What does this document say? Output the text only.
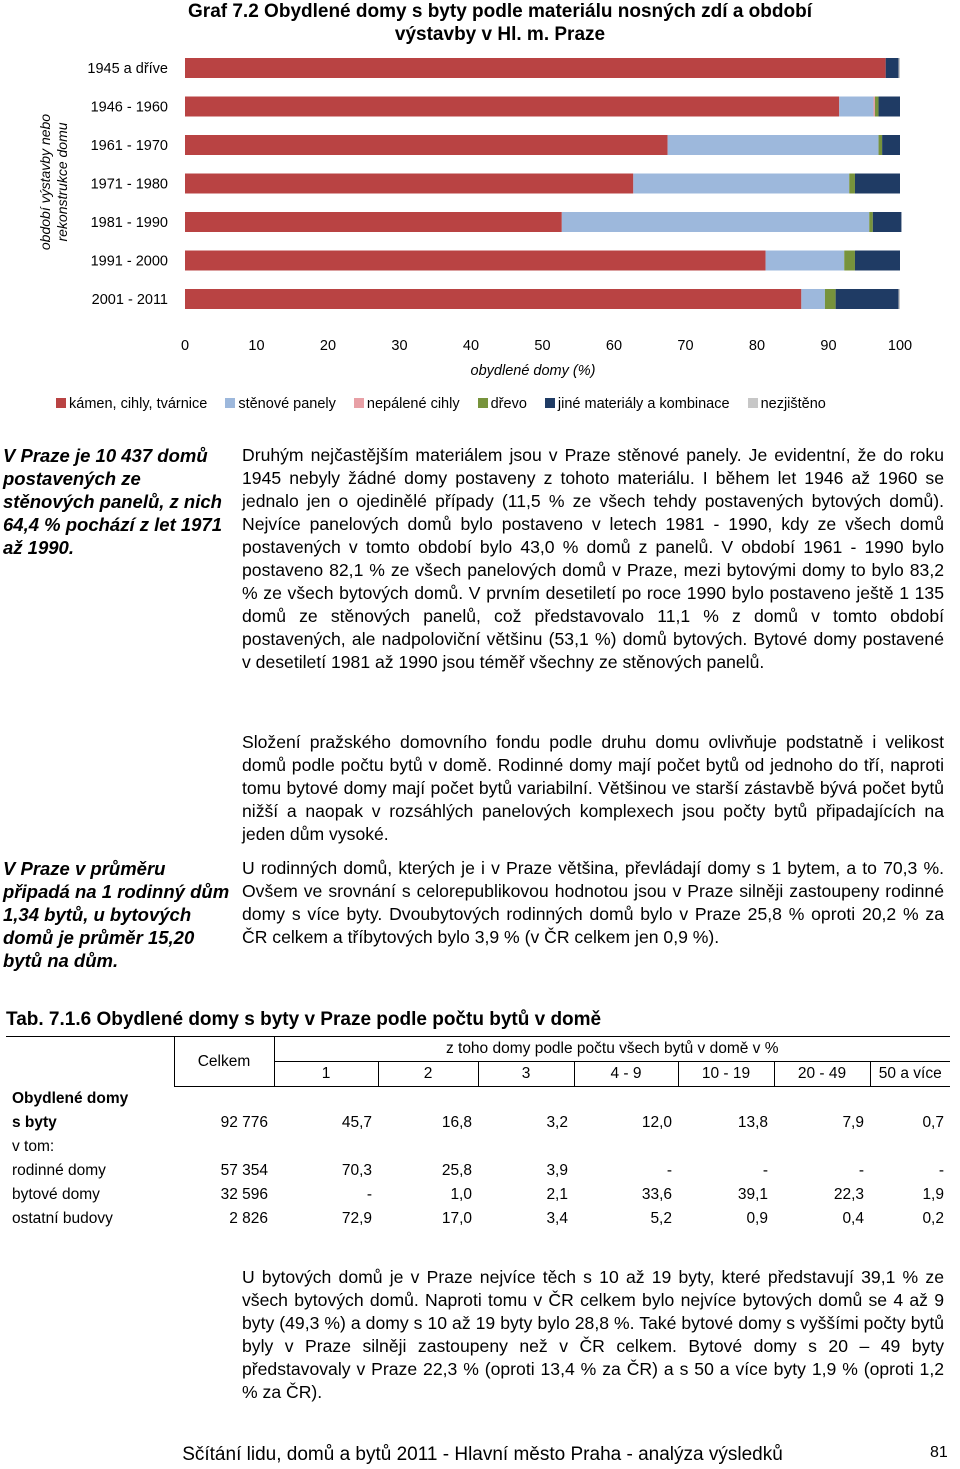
Graf 7.2 Obydlené domy s byty podle materiálu nosných zdí a období
výstavby v Hl. m. Praze
1945 a dříve
1946 - 1960
1961 - 1970
1971 - 1980
1981 - 1990
1991 - 2000
2001 - 2011
0	10	20	30	40	50	60	70	80	90	100
období výstavby nebo rekonstrukce domu
obydlené domy (%)
kámen, cihly, tvárnice stěnové panely nepálené cihly dřevo jiné materiály a kombinace nezjištěno
V Praze je 10 437 domů postavených ze stěnových panelů, z nich 64,4 % pochází z let 1971 až 1990.
V Praze v průměru připadá na 1 rodinný dům 1,34 bytů, u bytových domů je průměr 15,20 bytů na dům.
Druhým nejčastějším materiálem jsou v Praze stěnové panely. Je evidentní, že do roku 1945 nebyly žádné domy postaveny z tohoto materiálu. I během let 1946 až 1960 se jednalo jen o ojedinělé případy (11,5 % ze všech tehdy postavených bytových domů). Nejvíce panelových domů bylo postaveno v letech 1981 - 1990, kdy ze všech domů postavených v tomto období bylo 43,0 % domů z panelů. V období 1961 - 1990 bylo postaveno 82,1 % ze všech panelových domů v Praze, mezi bytovými domy to bylo 83,2 % ze všech bytových domů. V prvním desetiletí po roce 1990 bylo postaveno ještě 1 135 domů ze stěnových panelů, což představovalo 11,1 % z domů v tomto období postavených, ale nadpoloviční většinu (53,1 %) domů bytových. Bytové domy postavené v desetiletí 1981 až 1990 jsou téměř všechny ze stěnových panelů.
Složení pražského domovního fondu podle druhu domu ovlivňuje podstatně i velikost domů podle počtu bytů v domě. Rodinné domy mají počet bytů od jednoho do tří, naproti tomu bytové domy mají počet bytů variabilní. Většinou ve starší zástavbě bývá počet bytů nižší a naopak v rozsáhlých panelových komplexech jsou počty bytů připadajících na jeden dům vysoké.
U rodinných domů, kterých je i v Praze většina, převládají domy s 1 bytem, a to 70,3 %. Ovšem ve srovnání s celorepublikovou hodnotou jsou v Praze silněji zastoupeny rodinné domy s více byty. Dvoubytových rodinných domů bylo v Praze 25,8 % oproti 20,2 % za ČR celkem a tříbytových bylo 3,9 % (v ČR celkem jen 0,9 %).
Tab. 7.1.6 Obydlené domy s byty v Praze podle počtu bytů v domě
	Celkem	z toho domy podle počtu všech bytů v domě v %						
		1	2	3	4 - 9	10 - 19	20 - 49	50 a více
Obydlené domy								
s byty	92 776	45,7	16,8	3,2	12,0	13,8	7,9	0,7
v tom:								
rodinné domy	57 354	70,3	25,8	3,9	-	-	-	-
bytové domy	32 596	-	1,0	2,1	33,6	39,1	22,3	1,9
ostatní budovy	2 826	72,9	17,0	3,4	5,2	0,9	0,4	0,2
U bytových domů je v Praze nejvíce těch s 10 až 19 byty, které představují 39,1 % ze všech bytových domů. Naproti tomu v ČR celkem bylo nejvíce bytových domů se 4 až 9 byty (49,3 %) a domy s 10 až 19 byty bylo 28,8 %. Také bytové domy s vyššími počty bytů byly v Praze silněji zastoupeny než v ČR celkem. Bytové domy s 20 – 49 byty představovaly v Praze 22,3 % (oproti 13,4 % za ČR) a s 50 a více byty 1,9 % (oproti 1,2 % za ČR).
Sčítání lidu, domů a bytů 2011 - Hlavní město Praha - analýza výsledků	81
